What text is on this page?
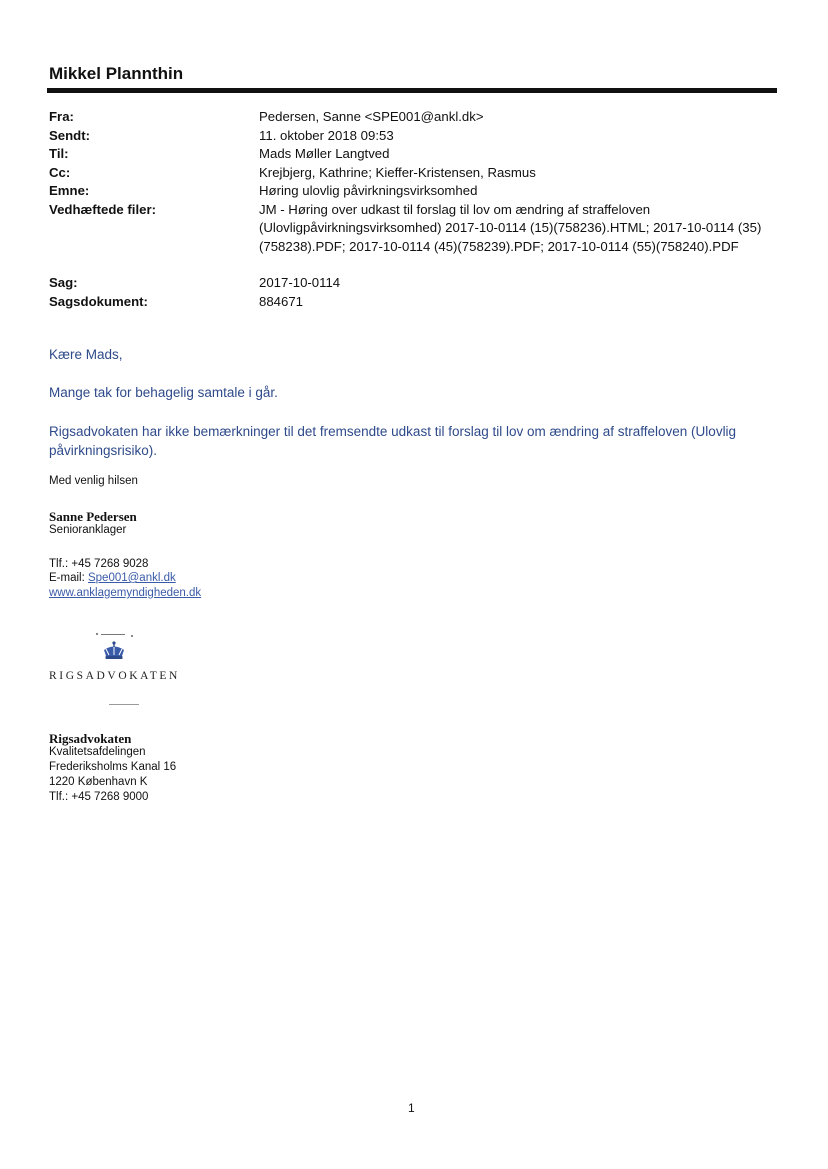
Mikkel Plannthin
Fra:	Pedersen, Sanne <SPE001@ankl.dk>
Sendt:	11. oktober 2018 09:53
Til:	Mads Møller Langtved
Cc:	Krejbjerg, Kathrine; Kieffer-Kristensen, Rasmus
Emne:	Høring ulovlig påvirkningsvirksomhed
Vedhæftede filer:	JM - Høring over udkast til forslag til lov om ændring af straffeloven (Ulovligpåvirkningsvirksomhed) 2017-10-0114 (15)(758236).HTML; 2017-10-0114 (35)(758238).PDF; 2017-10-0114 (45)(758239).PDF; 2017-10-0114 (55)(758240).PDF
Sag:	2017-10-0114
Sagsdokument:	884671
Kære Mads,
Mange tak for behagelig samtale i går.
Rigsadvokaten har ikke bemærkninger til det fremsendte udkast til forslag til lov om ændring af straffeloven (Ulovlig påvirkningsrisiko).
Med venlig hilsen
Sanne Pedersen
Senioranklager
Tlf.: +45 7268 9028
E-mail: Spe001@ankl.dk
www.anklagemyndigheden.dk
RIGSADVOKATEN
Rigsadvokaten
Kvalitetsafdelingen
Frederiksholms Kanal 16
1220 København K
Tlf.: +45 7268 9000
1
